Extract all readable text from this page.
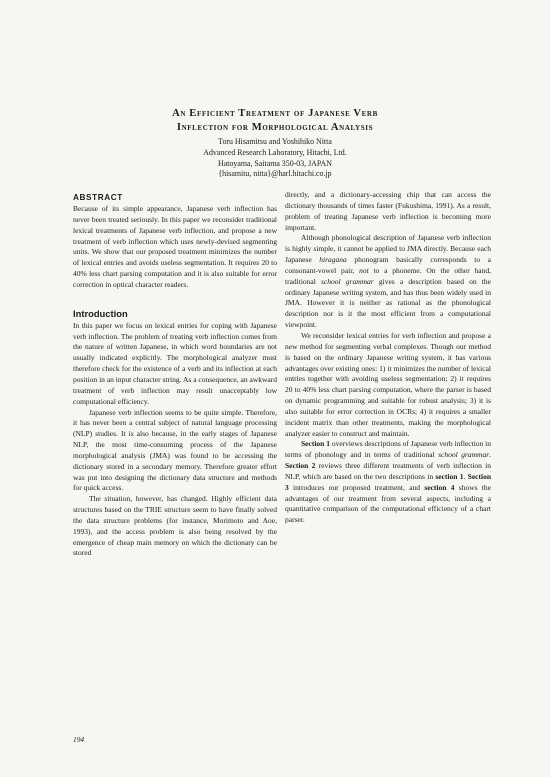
An Efficient Treatment of Japanese Verb
Inflection for Morphological Analysis
Toru Hisamitsu and Yoshihiko Nitta
Advanced Research Laboratory, Hitachi, Ltd.
Hatoyama, Saitama 350-03, JAPAN
{hisamitu, nitta}@harl.hitachi.co.jp
ABSTRACT

Because of its simple appearance, Japanese verb inflection has never been treated seriously. In this paper we reconsider traditional lexical treatments of Japanese verb inflection, and propose a new treatment of verb inflection which uses newly-devised segmenting units. We show that our proposed treatment minimizes the number of lexical entries and avoids useless segmentation. It requires 20 to 40% less chart parsing computation and it is also suitable for error correction in optical character readers.

Introduction

In this paper we focus on lexical entries for coping with Japanese verb inflection. The problem of treating verb inflection comes from the nature of written Japanese, in which word boundaries are not usually indicated explicitly. The morphological analyzer must therefore check for the existence of a verb and its inflection at each position in an input character string. As a consequence, an awkward treatment of verb inflection may result unacceptably low computational efficiency.

Japanese verb inflection seems to be quite simple. Therefore, it has never been a central subject of natural language processing (NLP) studies. It is also because, in the early stages of Japanese NLP, the most time-consuming process of the Japanese morphological analysis (JMA) was found to be accessing the dictionary stored in a secondary memory. Therefore greater effort was put into designing the dictionary data structure and methods for quick access.

The situation, however, has changed. Highly efficient data structures based on the TRIE structure seem to have finally solved the data structure problems (for instance, Morimoto and Aoe, 1993), and the access problem is also being resolved by the emergence of cheap main memory on which the dictionary can be stored

directly, and a dictionary-accessing chip that can access the dictionary thousands of times faster (Fukushima, 1991). As a result, problem of treating Japanese verb inflection is becoming more important.

Although phonological description of Japanese verb inflection is highly simple, it cannot be applied to JMA directly. Because each Japanese hiragana phonogram basically corresponds to a consonant-vowel pair, not to a phoneme. On the other hand, traditional school grammar gives a description based on the ordinary Japanese writing system, and has thus been widely used in JMA. However it is neither as rational as the phonological description nor is it the most efficient from a computational viewpoint.

We reconsider lexical entries for verb inflection and propose a new method for segmenting verbal complexes. Though our method is based on the ordinary Japanese writing system, it has various advantages over existing ones: 1) it minimizes the number of lexical entries together with avoiding useless segmentation; 2) it requires 20 to 40% less chart parsing computation, where the parser is based on dynamic programming and suitable for robust analysis; 3) it is also suitable for error correction in OCRs; 4) it requires a smaller incident matrix than other treatments, making the morphological analyzer easier to construct and maintain.

Section 1 overviews descriptions of Japanese verb inflection in terms of phonology and in terms of traditional school grammar. Section 2 reviews three different treatments of verb inflection in NLP, which are based on the two descriptions in section 1. Section 3 introduces our proposed treatment, and section 4 shows the advantages of our treatment from several aspects, including a quantitative comparison of the computational efficiency of a chart parser.

194
